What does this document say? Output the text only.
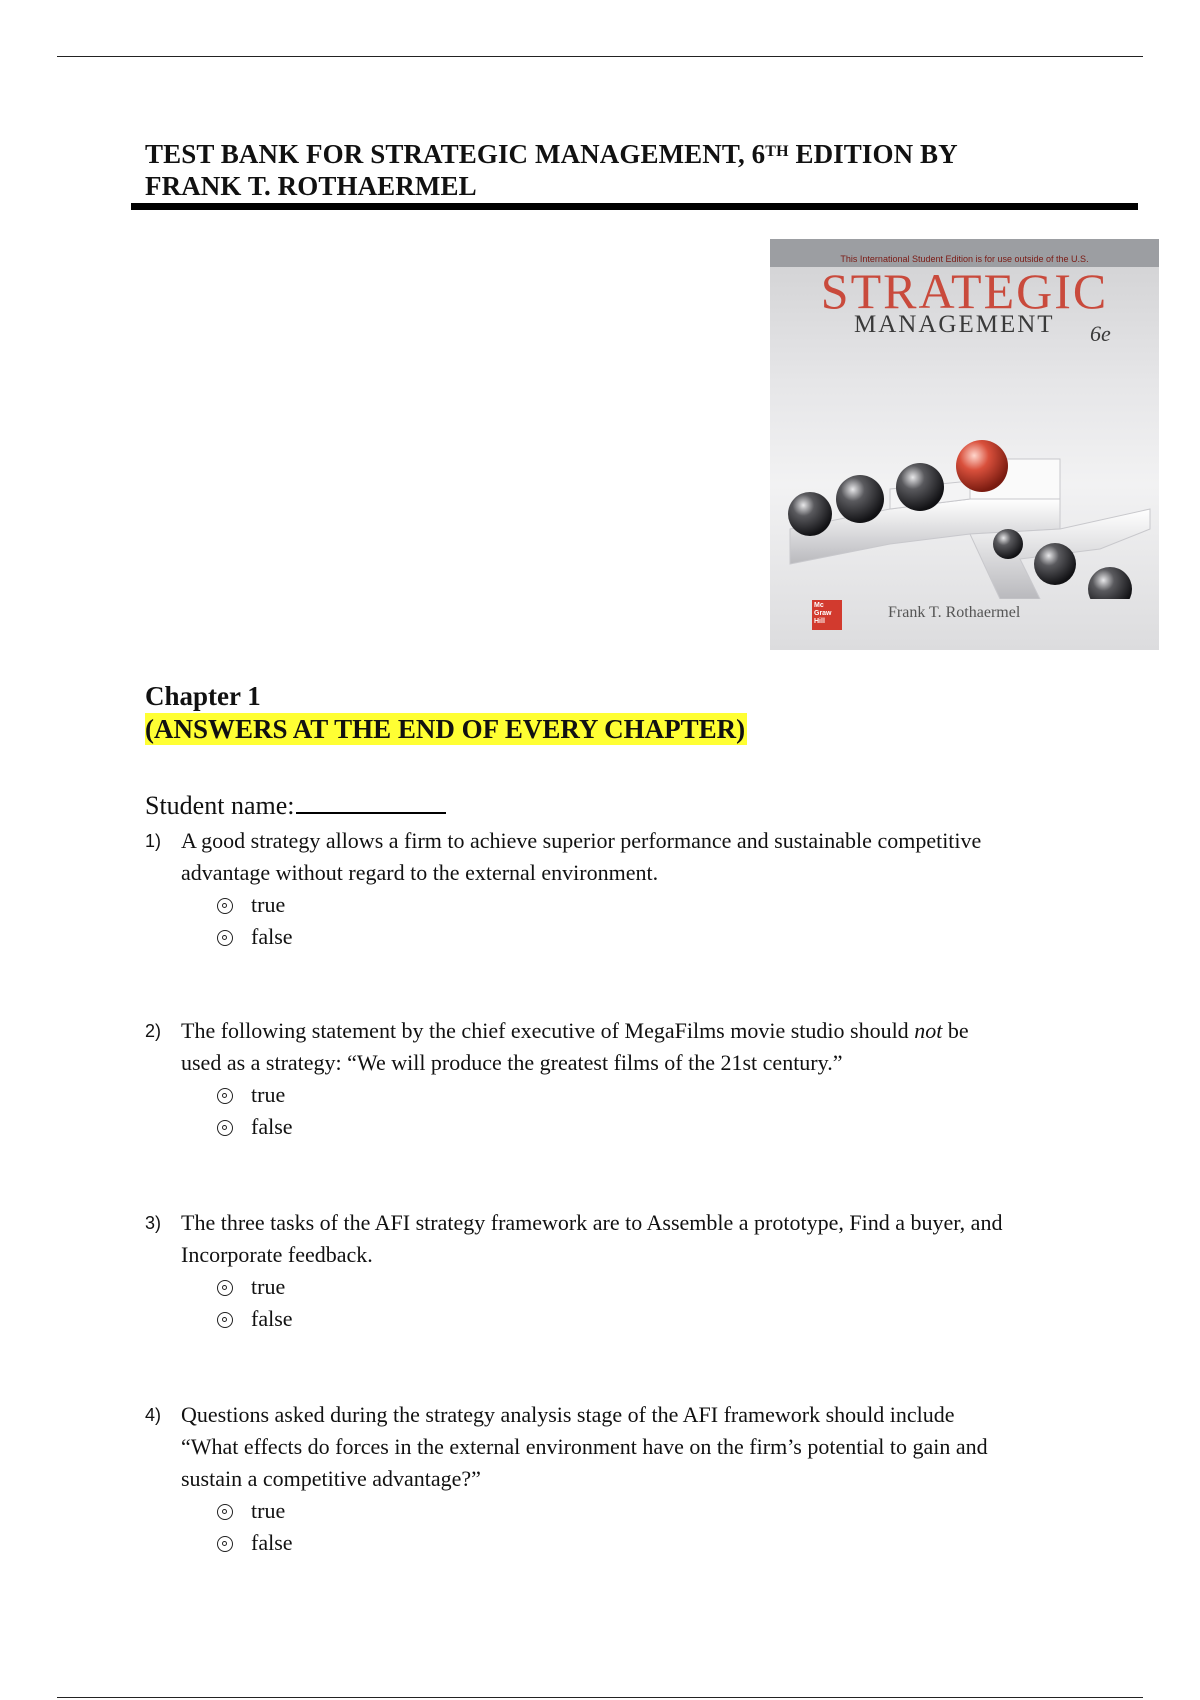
TEST BANK FOR STRATEGIC MANAGEMENT, 6TH EDITION BY
FRANK T. ROTHAERMEL
This International Student Edition is for use outside of the U.S.
STRATEGIC
MANAGEMENT 6e
Mc Graw Hill
Frank T. Rothaermel
Chapter 1
(ANSWERS AT THE END OF EVERY CHAPTER)
Student name:
1) A good strategy allows a firm to achieve superior performance and sustainable competitive
advantage without regard to the external environment.
true
false
2) The following statement by the chief executive of MegaFilms movie studio should not be
used as a strategy: “We will produce the greatest films of the 21st century.”
true
false
3) The three tasks of the AFI strategy framework are to Assemble a prototype, Find a buyer, and
Incorporate feedback.
true
false
4) Questions asked during the strategy analysis stage of the AFI framework should include
“What effects do forces in the external environment have on the firm’s potential to gain and
sustain a competitive advantage?”
true
false
